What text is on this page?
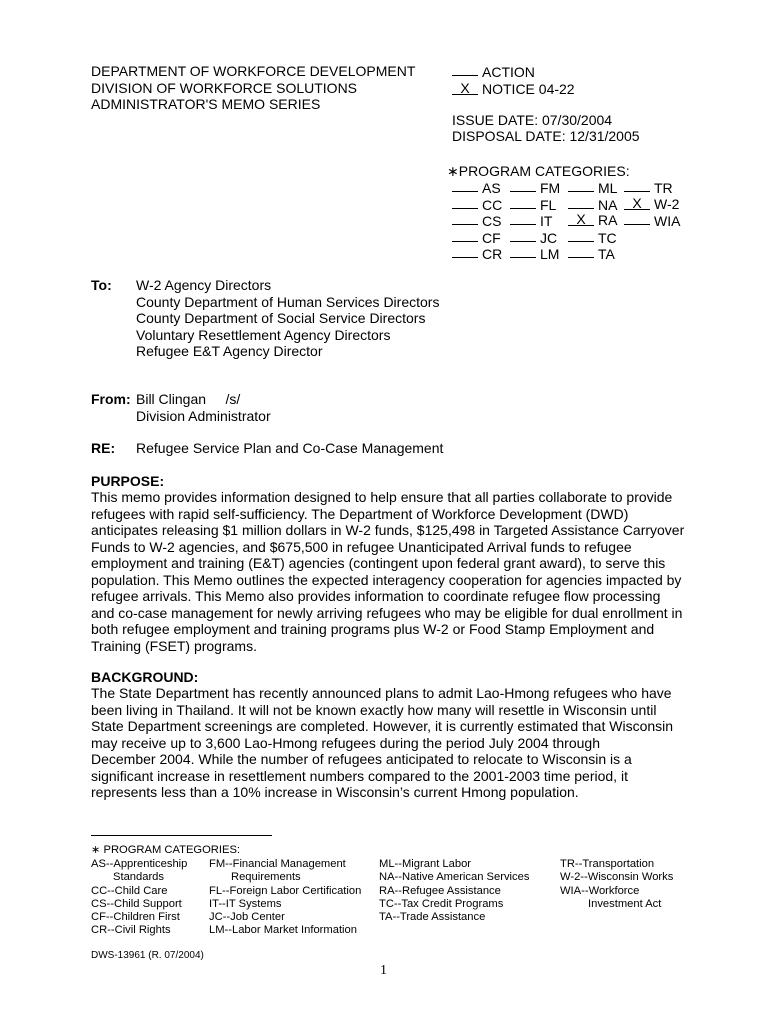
DEPARTMENT OF WORKFORCE DEVELOPMENT
DIVISION OF WORKFORCE SOLUTIONS
ADMINISTRATOR'S MEMO SERIES
ACTION
X NOTICE 04-22
ISSUE DATE: 07/30/2004
DISPOSAL DATE: 12/31/2005
∗PROGRAM CATEGORIES:
AS	FM	ML	TR
CC	FL	NA	X W-2
CS	IT	X RA	WIA
CF	JC	TC
CR	LM	TA
To: W-2 Agency Directors
County Department of Human Services Directors
County Department of Social Service Directors
Voluntary Resettlement Agency Directors
Refugee E&T Agency Director
From: Bill Clingan     /s/
Division Administrator
RE: Refugee Service Plan and Co-Case Management
PURPOSE:
This memo provides information designed to help ensure that all parties collaborate to provide
refugees with rapid self-sufficiency. The Department of Workforce Development (DWD)
anticipates releasing $1 million dollars in W-2 funds, $125,498 in Targeted Assistance Carryover
Funds to W-2 agencies, and $675,500 in refugee Unanticipated Arrival funds to refugee
employment and training (E&T) agencies (contingent upon federal grant award), to serve this
population. This Memo outlines the expected interagency cooperation for agencies impacted by
refugee arrivals. This Memo also provides information to coordinate refugee flow processing
and co-case management for newly arriving refugees who may be eligible for dual enrollment in
both refugee employment and training programs plus W-2 or Food Stamp Employment and
Training (FSET) programs.
BACKGROUND:
The State Department has recently announced plans to admit Lao-Hmong refugees who have
been living in Thailand. It will not be known exactly how many will resettle in Wisconsin until
State Department screenings are completed. However, it is currently estimated that Wisconsin
may receive up to 3,600 Lao-Hmong refugees during the period July 2004 through
December 2004. While the number of refugees anticipated to relocate to Wisconsin is a
significant increase in resettlement numbers compared to the 2001-2003 time period, it
represents less than a 10% increase in Wisconsin’s current Hmong population.
∗ PROGRAM CATEGORIES:
AS--Apprenticeship
Standards
CC--Child Care
CS--Child Support
CF--Children First
CR--Civil Rights
FM--Financial Management
Requirements
FL--Foreign Labor Certification
IT--IT Systems
JC--Job Center
LM--Labor Market Information
ML--Migrant Labor
NA--Native American Services
RA--Refugee Assistance
TC--Tax Credit Programs
TA--Trade Assistance
TR--Transportation
W-2--Wisconsin Works
WIA--Workforce
Investment Act
DWS-13961 (R. 07/2004)
1
